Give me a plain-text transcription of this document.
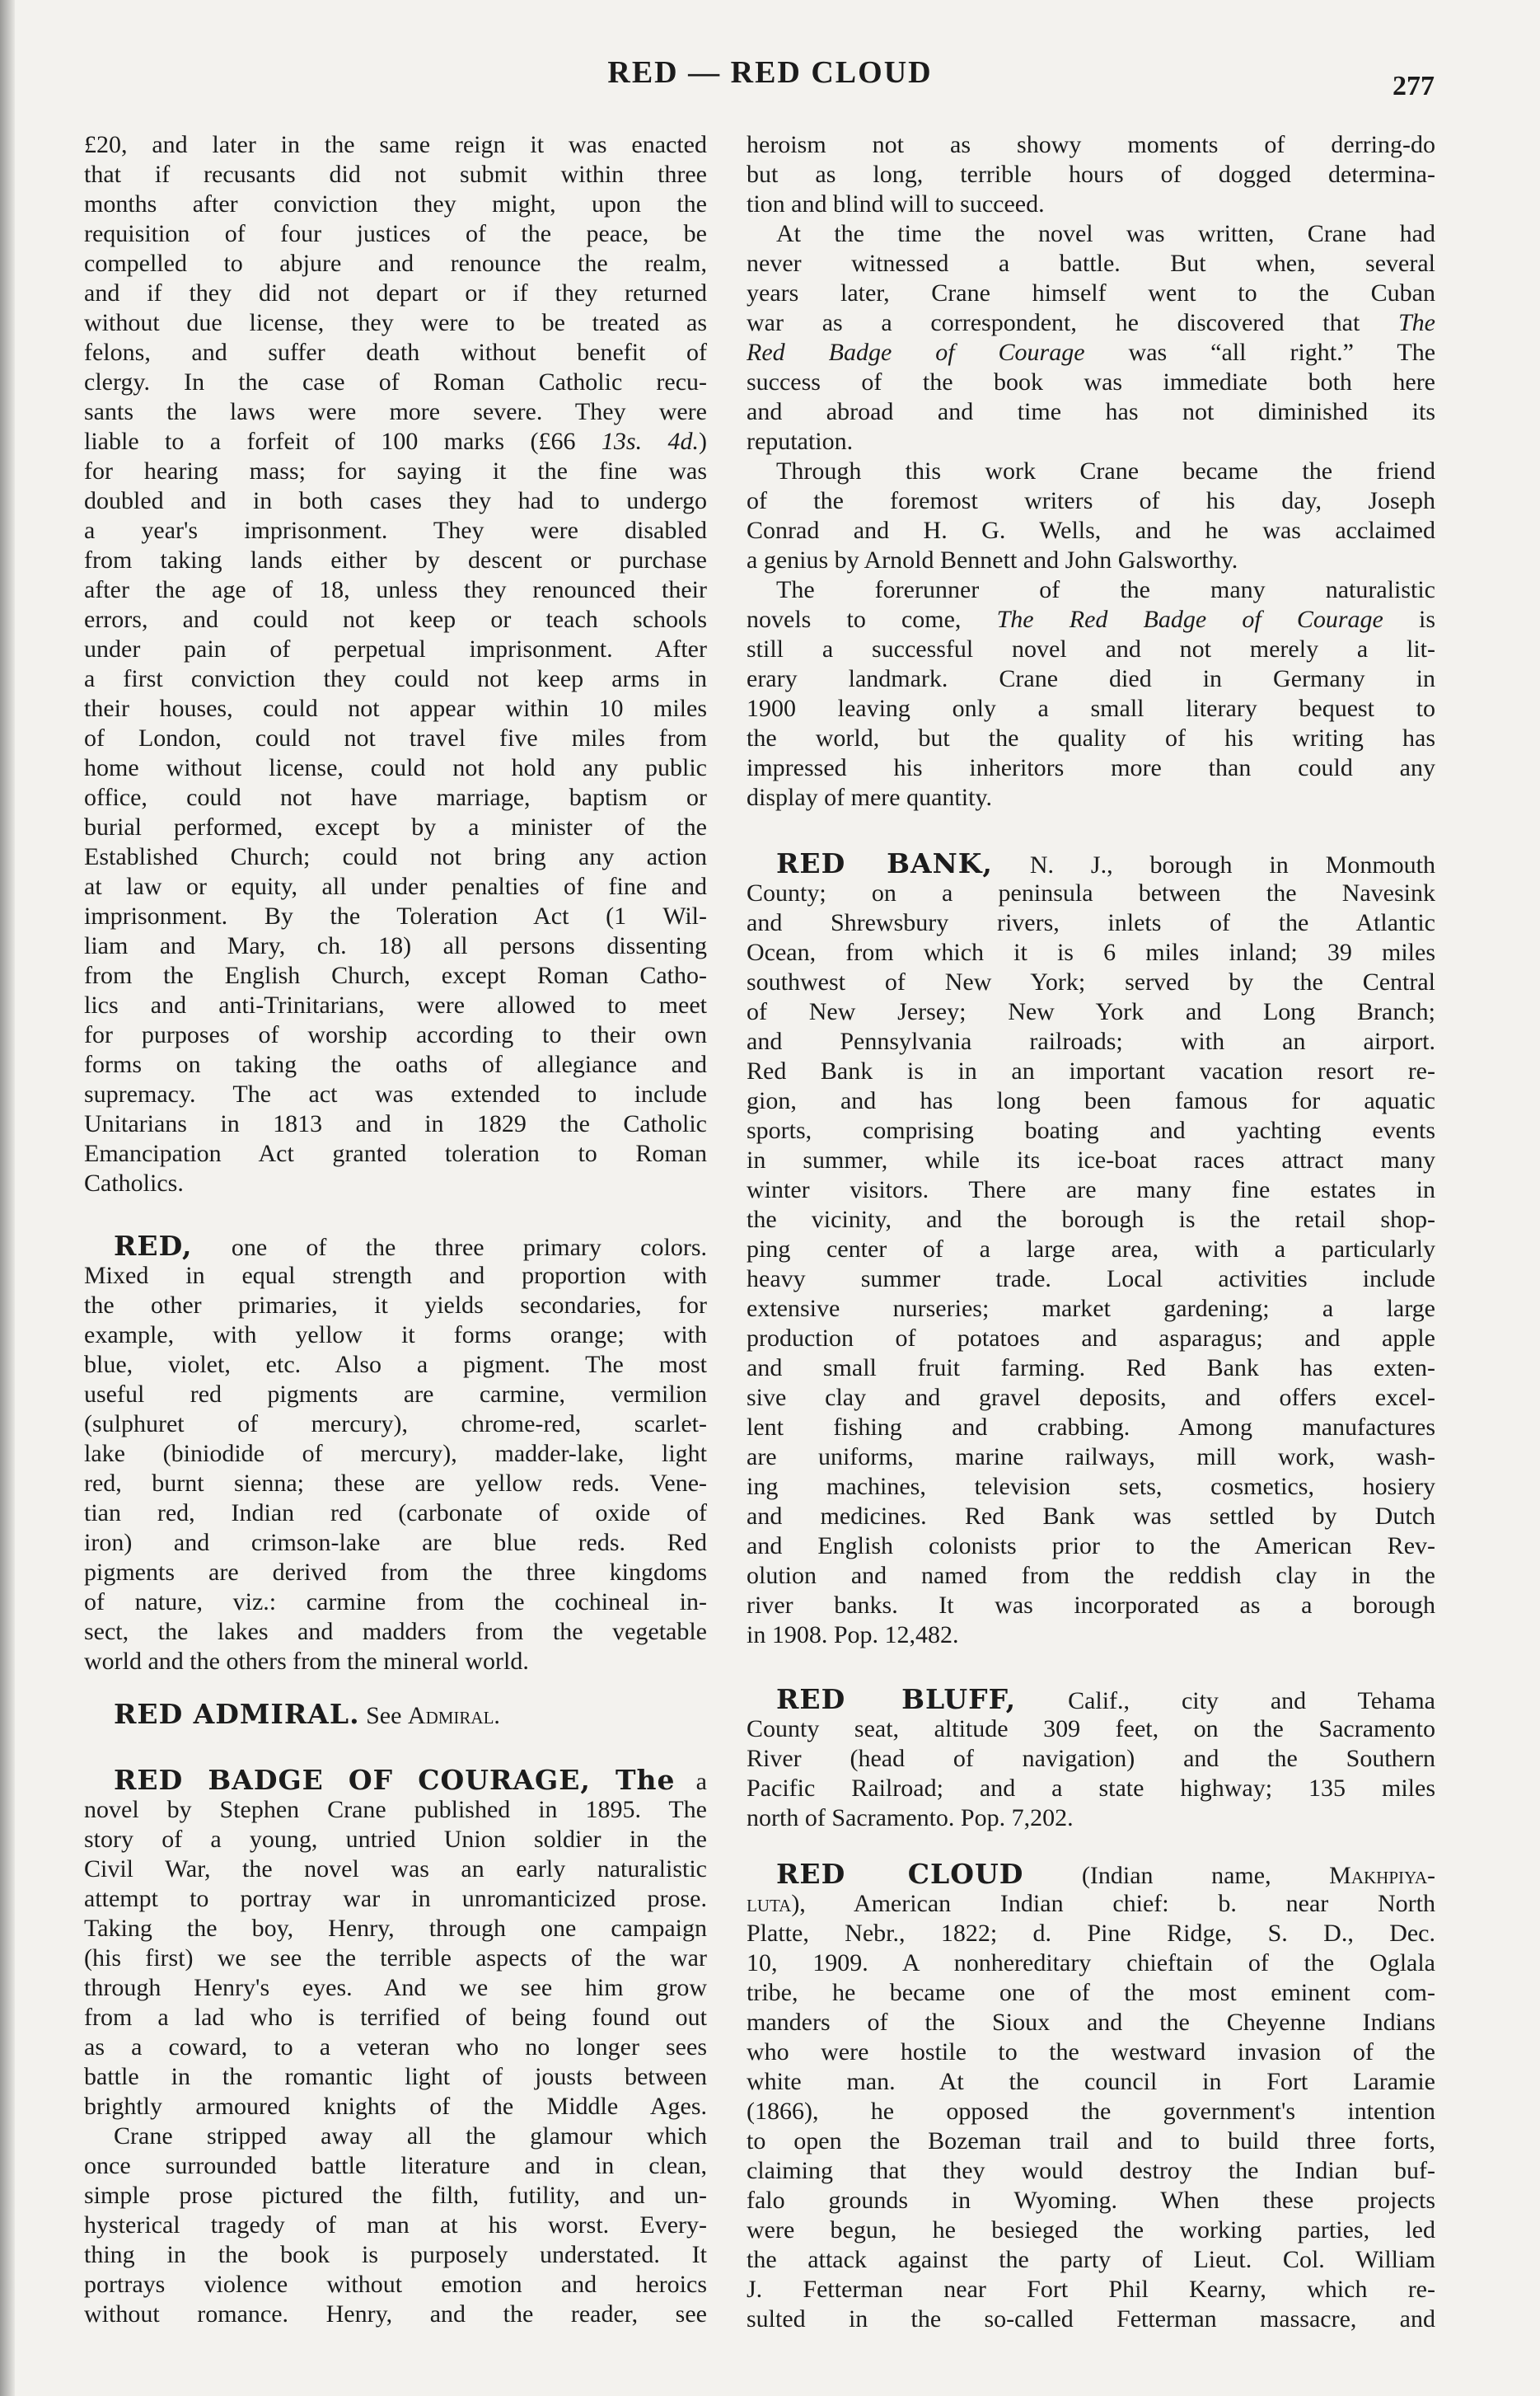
RED — RED CLOUD	277
£20, and later in the same reign it was enacted
that if recusants did not submit within three
months after conviction they might, upon the
requisition of four justices of the peace, be
compelled to abjure and renounce the realm,
and if they did not depart or if they returned
without due license, they were to be treated as
felons, and suffer death without benefit of
clergy. In the case of Roman Catholic recu-
sants the laws were more severe. They were
liable to a forfeit of 100 marks (£66 13s. 4d.)
for hearing mass; for saying it the fine was
doubled and in both cases they had to undergo
a year's imprisonment. They were disabled
from taking lands either by descent or purchase
after the age of 18, unless they renounced their
errors, and could not keep or teach schools
under pain of perpetual imprisonment. After
a first conviction they could not keep arms in
their houses, could not appear within 10 miles
of London, could not travel five miles from
home without license, could not hold any public
office, could not have marriage, baptism or
burial performed, except by a minister of the
Established Church; could not bring any action
at law or equity, all under penalties of fine and
imprisonment. By the Toleration Act (1 Wil-
liam and Mary, ch. 18) all persons dissenting
from the English Church, except Roman Catho-
lics and anti-Trinitarians, were allowed to meet
for purposes of worship according to their own
forms on taking the oaths of allegiance and
supremacy. The act was extended to include
Unitarians in 1813 and in 1829 the Catholic
Emancipation Act granted toleration to Roman
Catholics.
RED, one of the three primary colors.
Mixed in equal strength and proportion with
the other primaries, it yields secondaries, for
example, with yellow it forms orange; with
blue, violet, etc. Also a pigment. The most
useful red pigments are carmine, vermilion
(sulphuret of mercury), chrome-red, scarlet-
lake (biniodide of mercury), madder-lake, light
red, burnt sienna; these are yellow reds. Vene-
tian red, Indian red (carbonate of oxide of
iron) and crimson-lake are blue reds. Red
pigments are derived from the three kingdoms
of nature, viz.: carmine from the cochineal in-
sect, the lakes and madders from the vegetable
world and the others from the mineral world.
RED ADMIRAL. See Admiral.
RED BADGE OF COURAGE, The a
novel by Stephen Crane published in 1895. The
story of a young, untried Union soldier in the
Civil War, the novel was an early naturalistic
attempt to portray war in unromanticized prose.
Taking the boy, Henry, through one campaign
(his first) we see the terrible aspects of the war
through Henry's eyes. And we see him grow
from a lad who is terrified of being found out
as a coward, to a veteran who no longer sees
battle in the romantic light of jousts between
brightly armoured knights of the Middle Ages.
Crane stripped away all the glamour which
once surrounded battle literature and in clean,
simple prose pictured the filth, futility, and un-
hysterical tragedy of man at his worst. Every-
thing in the book is purposely understated. It
portrays violence without emotion and heroics
without romance. Henry, and the reader, see
heroism not as showy moments of derring-do
but as long, terrible hours of dogged determina-
tion and blind will to succeed.
At the time the novel was written, Crane had
never witnessed a battle. But when, several
years later, Crane himself went to the Cuban
war as a correspondent, he discovered that The
Red Badge of Courage was “all right.” The
success of the book was immediate both here
and abroad and time has not diminished its
reputation.
Through this work Crane became the friend
of the foremost writers of his day, Joseph
Conrad and H. G. Wells, and he was acclaimed
a genius by Arnold Bennett and John Galsworthy.
The forerunner of the many naturalistic
novels to come, The Red Badge of Courage is
still a successful novel and not merely a lit-
erary landmark. Crane died in Germany in
1900 leaving only a small literary bequest to
the world, but the quality of his writing has
impressed his inheritors more than could any
display of mere quantity.
RED BANK, N. J., borough in Monmouth
County; on a peninsula between the Navesink
and Shrewsbury rivers, inlets of the Atlantic
Ocean, from which it is 6 miles inland; 39 miles
southwest of New York; served by the Central
of New Jersey; New York and Long Branch;
and Pennsylvania railroads; with an airport.
Red Bank is in an important vacation resort re-
gion, and has long been famous for aquatic
sports, comprising boating and yachting events
in summer, while its ice-boat races attract many
winter visitors. There are many fine estates in
the vicinity, and the borough is the retail shop-
ping center of a large area, with a particularly
heavy summer trade. Local activities include
extensive nurseries; market gardening; a large
production of potatoes and asparagus; and apple
and small fruit farming. Red Bank has exten-
sive clay and gravel deposits, and offers excel-
lent fishing and crabbing. Among manufactures
are uniforms, marine railways, mill work, wash-
ing machines, television sets, cosmetics, hosiery
and medicines. Red Bank was settled by Dutch
and English colonists prior to the American Rev-
olution and named from the reddish clay in the
river banks. It was incorporated as a borough
in 1908. Pop. 12,482.
RED BLUFF, Calif., city and Tehama
County seat, altitude 309 feet, on the Sacramento
River (head of navigation) and the Southern
Pacific Railroad; and a state highway; 135 miles
north of Sacramento. Pop. 7,202.
RED CLOUD (Indian name, Makhpiya-
luta), American Indian chief: b. near North
Platte, Nebr., 1822; d. Pine Ridge, S. D., Dec.
10, 1909. A nonhereditary chieftain of the Oglala
tribe, he became one of the most eminent com-
manders of the Sioux and the Cheyenne Indians
who were hostile to the westward invasion of the
white man. At the council in Fort Laramie
(1866), he opposed the government's intention
to open the Bozeman trail and to build three forts,
claiming that they would destroy the Indian buf-
falo grounds in Wyoming. When these projects
were begun, he besieged the working parties, led
the attack against the party of Lieut. Col. William
J. Fetterman near Fort Phil Kearny, which re-
sulted in the so-called Fetterman massacre, and
